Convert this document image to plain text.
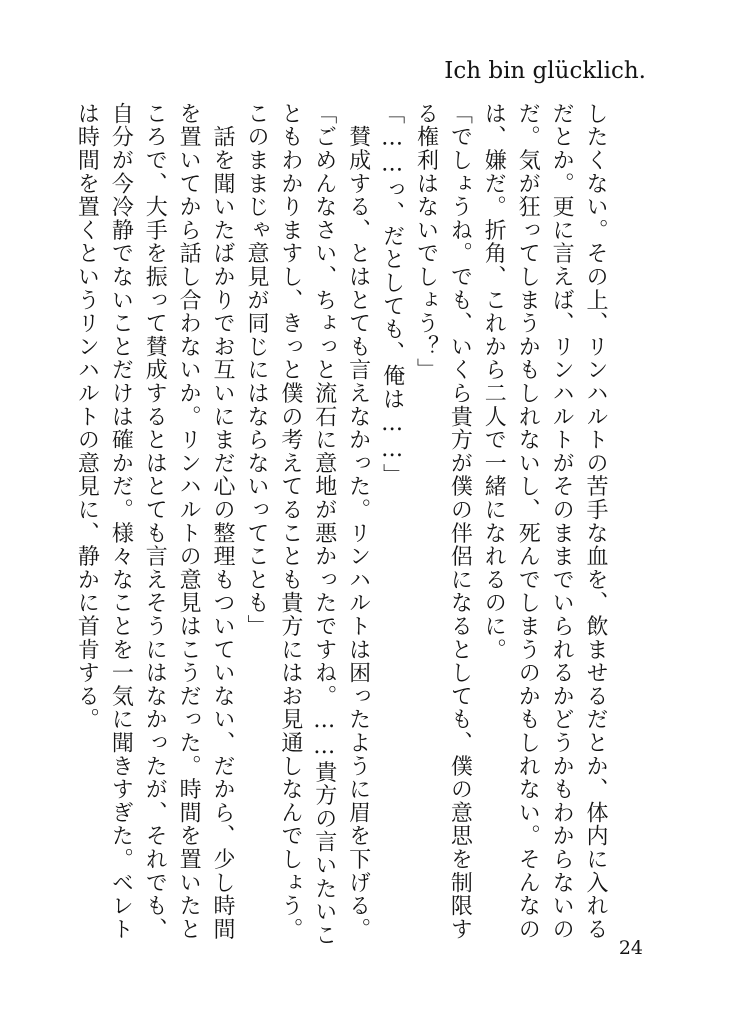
Ich bin glücklich.
したくない。その上、リンハルトの苦手な血を、飲ませるだとか、体内に入れるだとか。更に言えば、リンハルトがそのままでいられるかどうかもわからないのだ。気が狂ってしまうかもしれないし、死んでしまうのかもしれない。そんなのは、嫌だ。折角、これから二人で一緒になれるのに。
「でしょうね。でも、いくら貴方が僕の伴侶になるとしても、僕の意思を制限する権利はないでしょう？」
「……っ、だとしても、俺は……」
　賛成する、とはとても言えなかった。リンハルトは困ったように眉を下げる。
「ごめんなさい、ちょっと流石に意地が悪かったですね。……貴方の言いたいこともわかりますし、きっと僕の考えてることも貴方にはお見通しなんでしょう。このままじゃ意見が同じにはならないってことも」
　話を聞いたばかりでお互いにまだ心の整理もついていない、だから、少し時間を置いてから話し合わないか。リンハルトの意見はこうだった。時間を置いたところで、大手を振って賛成するとはとても言えそうにはなかったが、それでも、自分が今冷静でないことだけは確かだ。様々なことを一気に聞きすぎた。ベレトは時間を置くというリンハルトの意見に、静かに首肯する。
24
